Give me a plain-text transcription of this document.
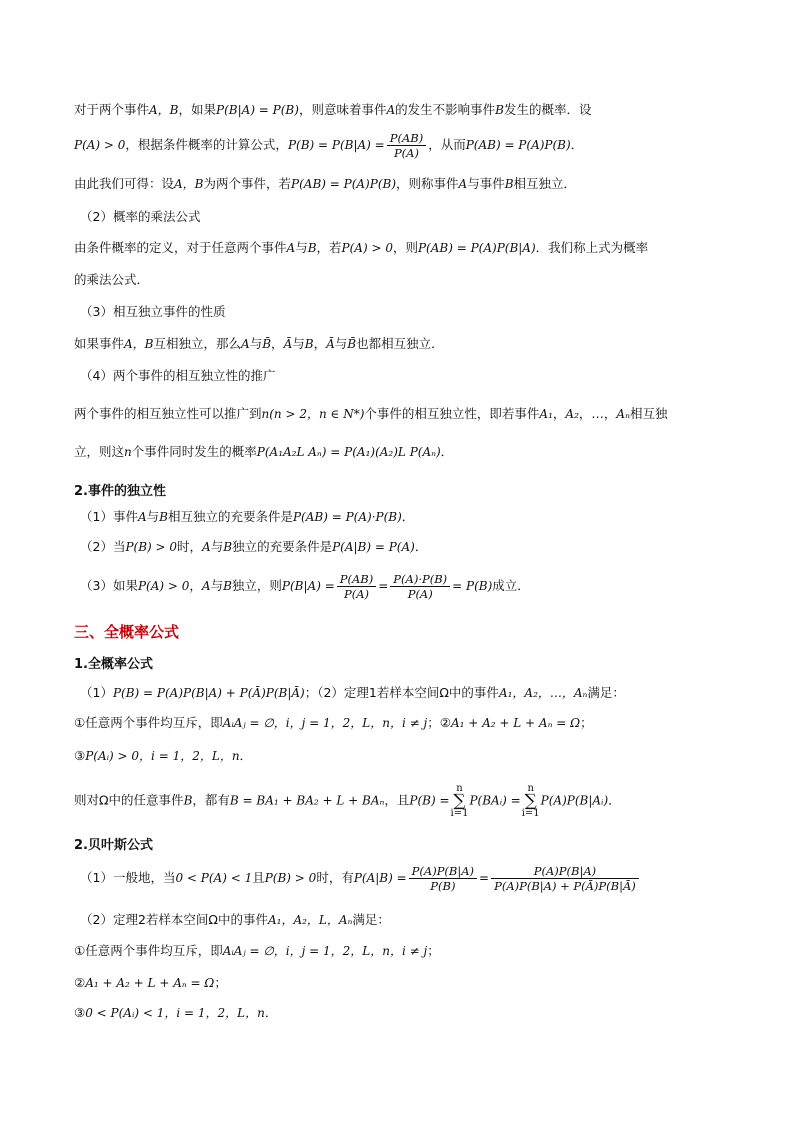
对于两个事件A，B，如果P(B|A) = P(B)，则意味着事件A的发生不影响事件B发生的概率．设
P(A) > 0，根据条件概率的计算公式，$P(B) = P(B|A) = \frac{P(AB)}{P(A)}$ ，从而P(AB) = P(A)P(B)．
由此我们可得：设A，B为两个事件，若P(AB) = P(A)P(B)，则称事件A与事件B相互独立．
（2）概率的乘法公式
由条件概率的定义，对于任意两个事件A与B，若P(A) > 0，则P(AB) = P(A)P(B|A)．我们称上式为概率
的乘法公式．
（3）相互独立事件的性质
如果事件A，B互相独立，那么A与B̄，Ā与B，Ā与B̄也都相互独立．
（4）两个事件的相互独立性的推广
两个事件的相互独立性可以推广到n(n > 2，n ∈ N*)个事件的相互独立性，即若事件A₁，A₂，…，Aₙ相互独
立，则这n个事件同时发生的概率P(A₁A₂L Aₙ) = P(A₁)(A₂)L P(Aₙ)．
2.事件的独立性
（1）事件A与B相互独立的充要条件是P(AB) = P(A)·P(B)．
（2）当P(B) > 0时，A与B独立的充要条件是P(A|B) = P(A)．
（3）如果P(A) > 0，A与B独立，则$P(B|A) = \frac{P(AB)}{P(A)} = \frac{P(A)\cdot P(B)}{P(A)} = P(B)$成立．
三、全概率公式
1.全概率公式
（1）P(B) = P(A)P(B|A) + P(Ā)P(B|Ā)；（2）定理1若样本空间Ω中的事件A₁，A₂，…，Aₙ满足：
①任意两个事件均互斥，即AᵢAⱼ = ∅，i，j = 1，2，L，n，i ≠ j；②A₁ + A₂ + L + Aₙ = Ω；
③P(Aᵢ) > 0，i = 1，2，L，n．
则对Ω中的任意事件B，都有B = BA₁ + BA₂ + L + BAₙ，且P(B) =n
∑
i=1P(BAᵢ) =n
∑
i=1P(A)P(B|Aᵢ)．
2.贝叶斯公式
（1）一般地，当0 < P(A) < 1且P(B) > 0时，有$P(A|B) = \frac{P(A)P(B|A)}{P(B)} = \frac{P(A)P(B|A)}{P(A)P(B|A) + P(Ā)P(B|Ā)}$
（2）定理2若样本空间Ω中的事件A₁，A₂，L，Aₙ满足：
①任意两个事件均互斥，即AᵢAⱼ = ∅，i，j = 1，2，L，n，i ≠ j；
②A₁ + A₂ + L + Aₙ = Ω；
③0 < P(Aᵢ) < 1，i = 1，2，L，n．
